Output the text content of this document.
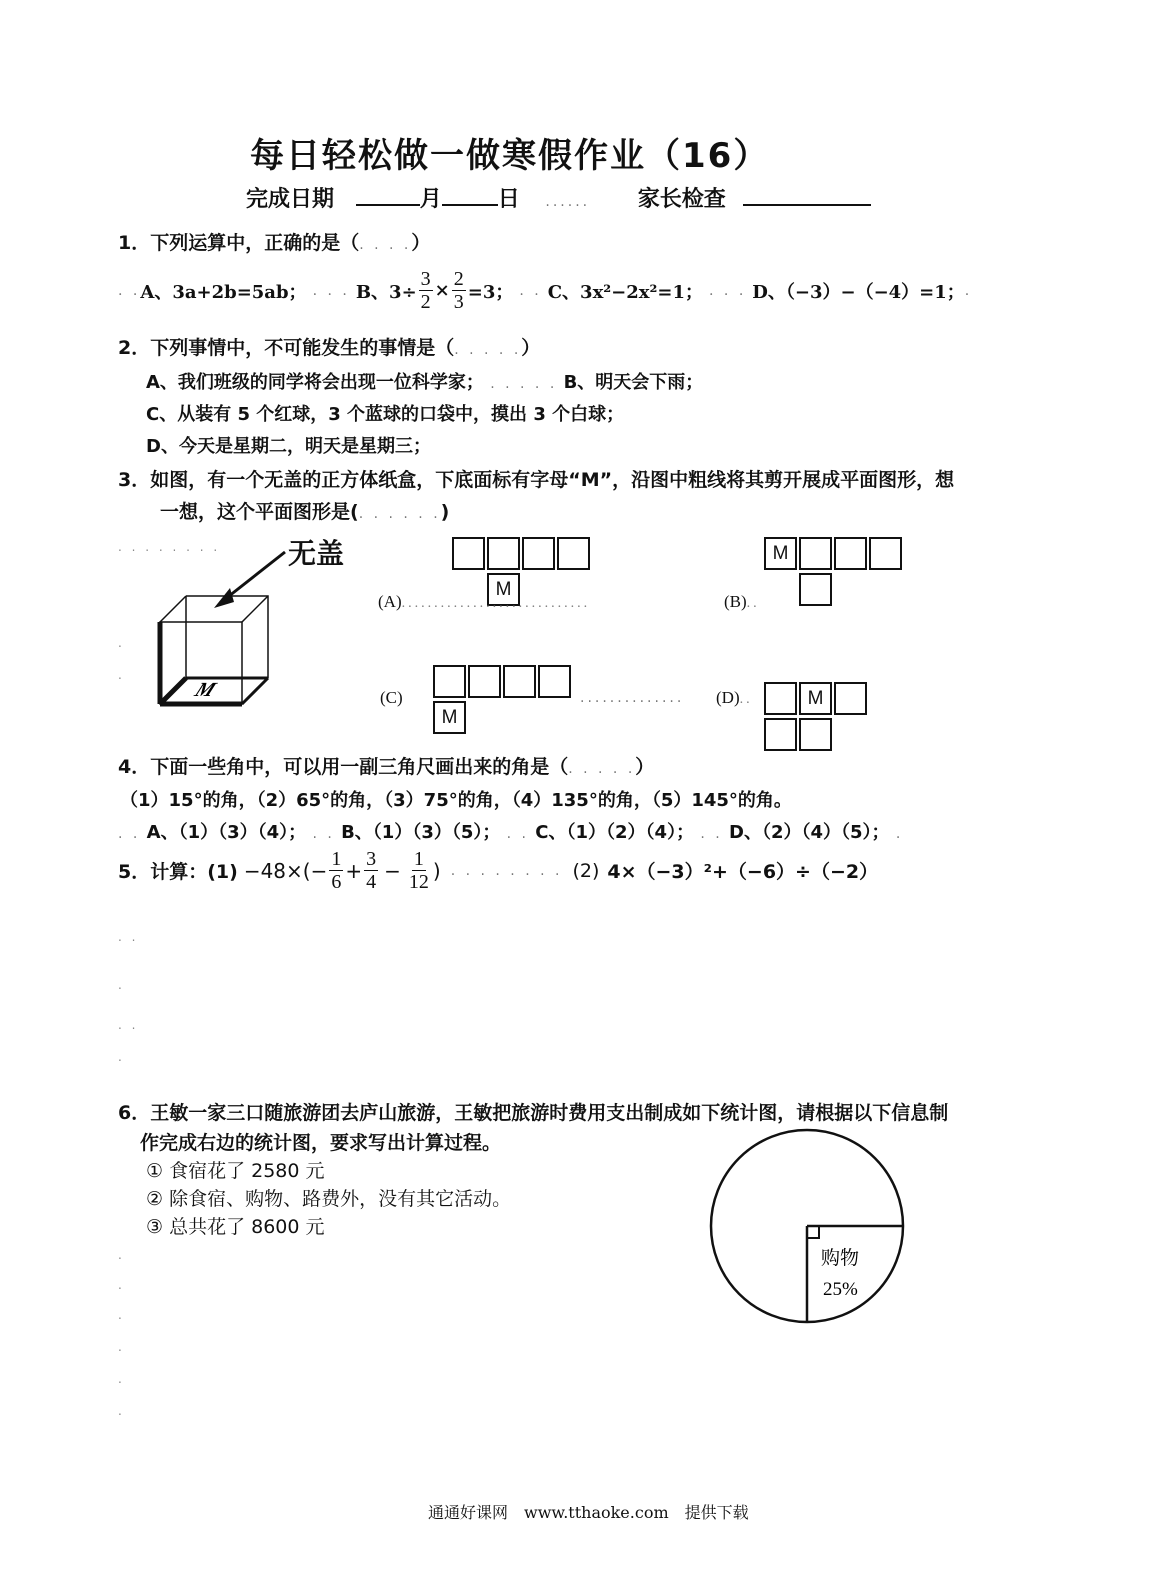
每日轻松做一做寒假作业（16）
完成日期	月	日 ...... 家长检查
1．下列运算中，正确的是（. . . .）
. . A、3a+2b=5ab； . . . B、$3\div \frac{3}{2} \times \frac{2}{3} =3$； . . C、3x²−2x²=1； . . . D、（−3）−（−4）=1； .
2．下列事情中，不可能发生的事情是（. . . . .）
A、我们班级的同学将会出现一位科学家； . . . . . B、明天会下雨；
C、从装有 5 个红球，3 个蓝球的口袋中，摸出 3 个白球；
D、今天是星期二，明天是星期三；
3．如图，有一个无盖的正方体纸盒，下底面标有字母“M”，沿图中粗线将其剪开展成平面图形，想
一想，这个平面图形是(. . . . . .)
M
无盖
. . . . . . . .
.
.
M
(A).............................
M
(B)..
M
(C)	..............	M
(D)..
4．下面一些角中，可以用一副三角尺画出来的角是（. . . . .）
（1）15°的角，（2）65°的角，（3）75°的角，（4）135°的角，（5）145°的角。
. . A、（1）（3）（4）； . . B、（1）（3）（5）； . . C、（1）（2）（4）； . . D、（2）（4）（5）； .
5．计算：$(1) -48\times(- \frac{1}{6} + \frac{3}{4} - \frac{1}{12}$ ) . . . . . . . . (2) 4×（−3）²+（−6）÷（−2）
. .
.
. .
.
6．王敏一家三口随旅游团去庐山旅游，王敏把旅游时费用支出制成如下统计图，请根据以下信息制
作完成右边的统计图，要求写出计算过程。
① 食宿花了 2580 元
② 除食宿、购物、路费外，没有其它活动。
③ 总共花了 8600 元
购物
25%
.
.
.
.
.
.
通通好课网　www.tthaoke.com　提供下载
